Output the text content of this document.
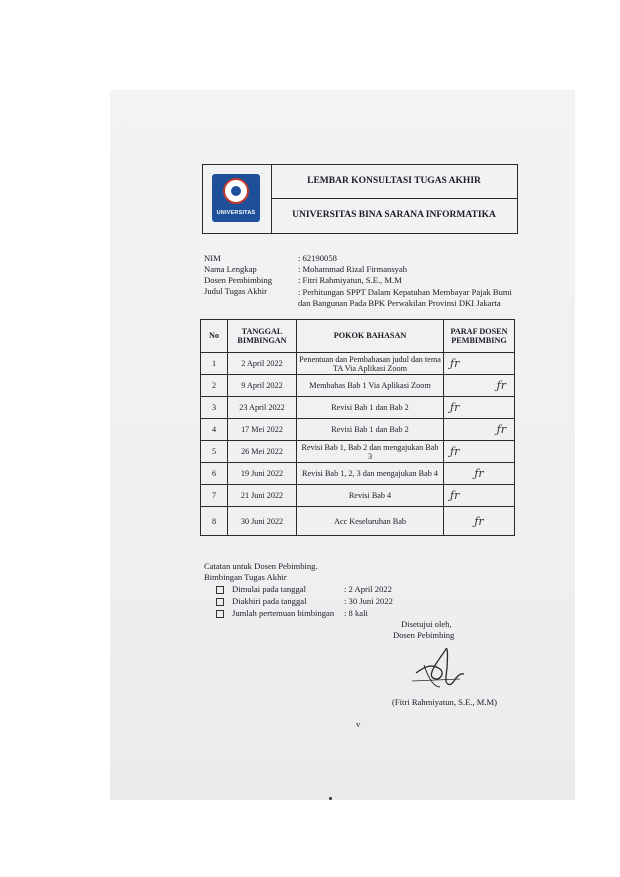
UNIVERSITAS
LEMBAR KONSULTASI TUGAS AKHIR
UNIVERSITAS BINA SARANA INFORMATIKA
NIM	: 62190058
Nama Lengkap	: Mohammad Rizal Firmansyah
Dosen Pembimbing	: Fitri Rahmiyatun, S.E., M.M
Judul Tugas Akhir	: Perhitungan SPPT Dalam Kepatuhan Membayar Pajak Bumi dan Bangunan Pada BPK Perwakilan Provinsi DKI Jakarta
No	TANGGAL BIMBINGAN	POKOK BAHASAN	PARAF DOSEN PEMBIMBING
1	2 April 2022	Penentuan dan Pembahasan judul dan tema TA Via Aplikasi Zoom	ƒr

2	9 April 2022	Membahas Bab 1 Via Aplikasi Zoom	ƒr

3	23 April 2022	Revisi Bab 1 dan Bab 2	ƒr

4	17 Mei 2022	Revisi Bab 1 dan Bab 2	ƒr

5	26 Mei 2022	Revisi Bab 1, Bab 2 dan mengajukan Bab 3	ƒr

6	19 Juni 2022	Revisi Bab 1, 2, 3 dan mengajukan Bab 4	ƒr

7	21 Juni 2022	Revisi Bab 4	ƒr

8	30 Juni 2022	Acc Keseluruhan Bab	ƒr
Catatan untuk Dosen Pebimbing.
Bimbingan Tugas Akhir
Dimulai pada tanggal	: 2 April 2022
Diakhiri pada tanggal	: 30 Juni 2022
Jumlah pertemuan bimbingan : 8 kali
Disetujui oleh,
Dosen Pebimbing
(Fitri Rahmiyatun, S.E., M.M)
v
